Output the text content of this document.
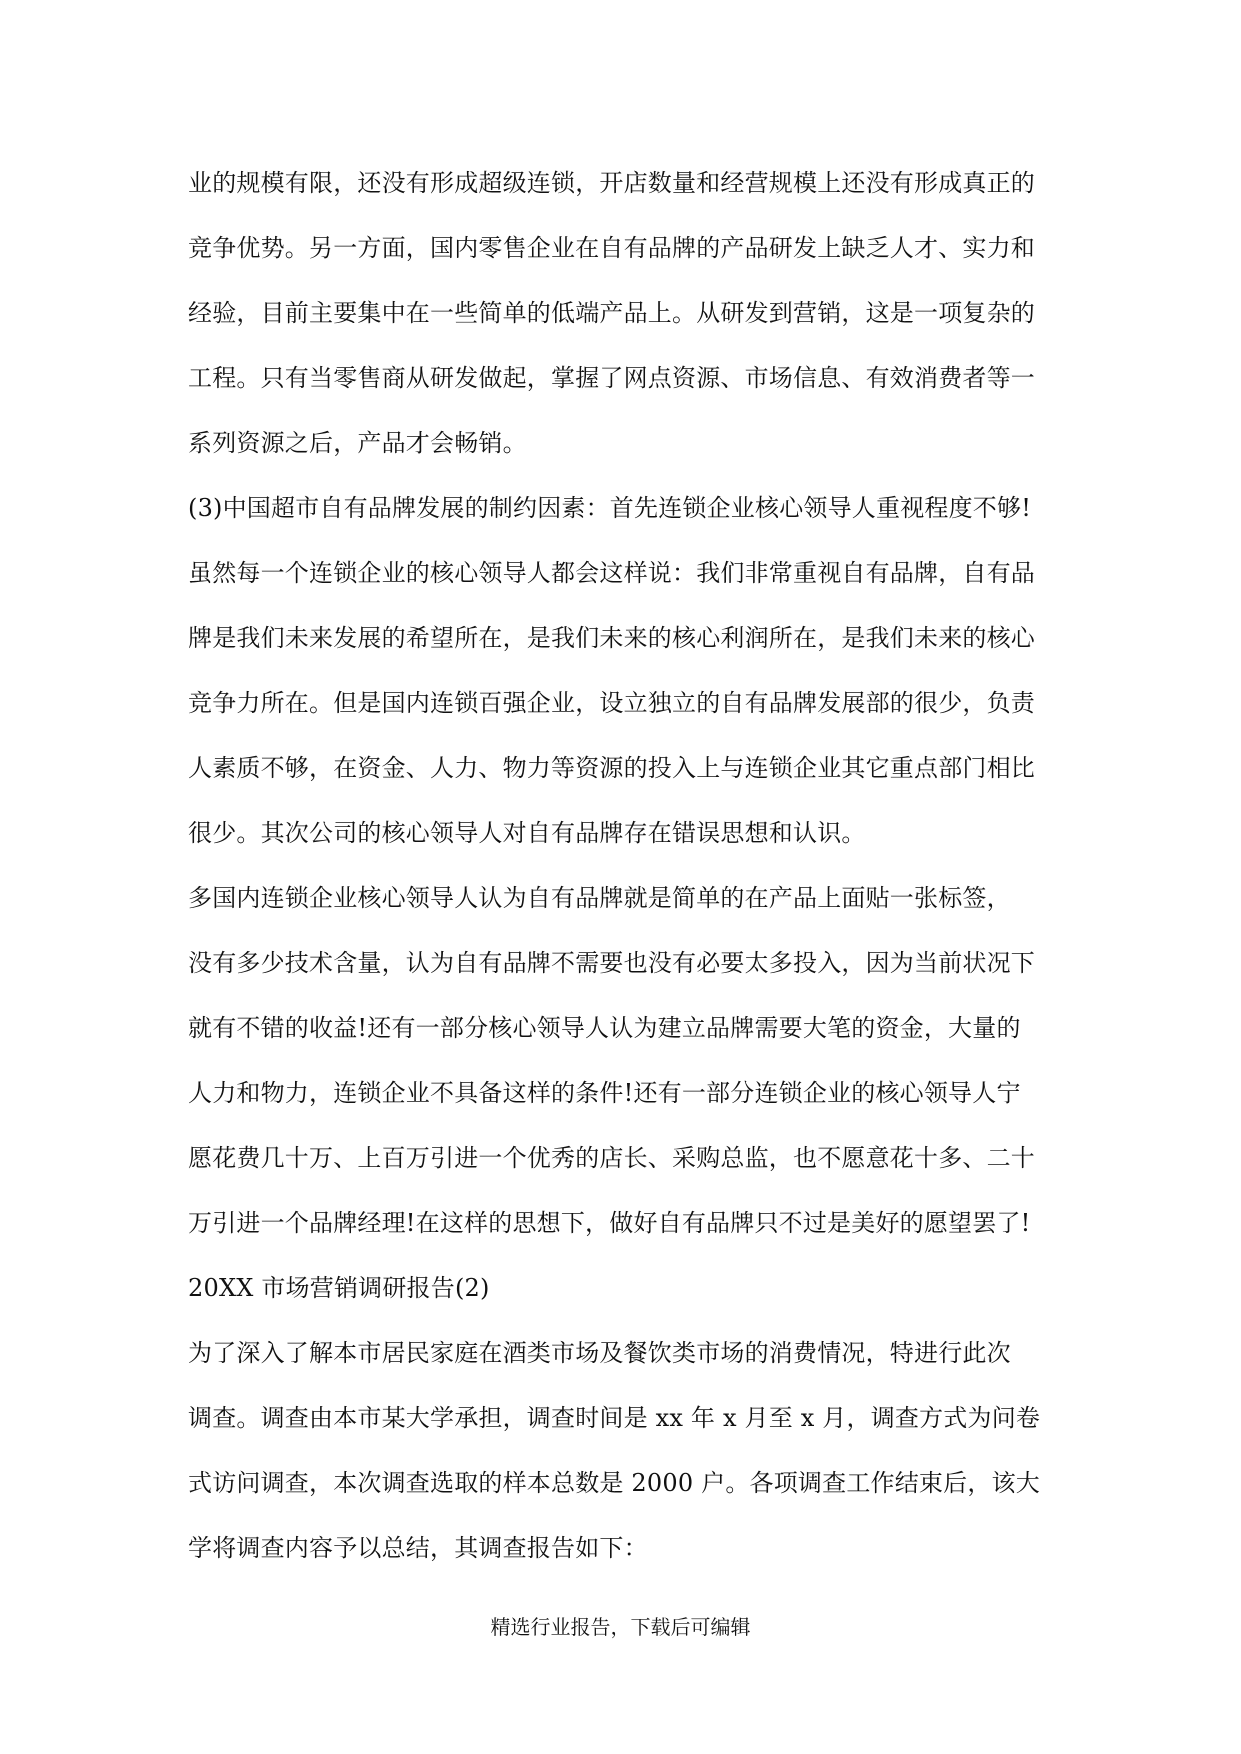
业的规模有限，还没有形成超级连锁，开店数量和经营规模上还没有形成真正的
竞争优势。另一方面，国内零售企业在自有品牌的产品研发上缺乏人才、实力和
经验，目前主要集中在一些简单的低端产品上。从研发到营销，这是一项复杂的
工程。只有当零售商从研发做起，掌握了网点资源、市场信息、有效消费者等一
系列资源之后，产品才会畅销。
(3)中国超市自有品牌发展的制约因素：首先连锁企业核心领导人重视程度不够!
虽然每一个连锁企业的核心领导人都会这样说：我们非常重视自有品牌，自有品
牌是我们未来发展的希望所在，是我们未来的核心利润所在，是我们未来的核心
竞争力所在。但是国内连锁百强企业，设立独立的自有品牌发展部的很少，负责
人素质不够，在资金、人力、物力等资源的投入上与连锁企业其它重点部门相比
很少。其次公司的核心领导人对自有品牌存在错误思想和认识。
多国内连锁企业核心领导人认为自有品牌就是简单的在产品上面贴一张标签，
没有多少技术含量，认为自有品牌不需要也没有必要太多投入，因为当前状况下
就有不错的收益!还有一部分核心领导人认为建立品牌需要大笔的资金，大量的
人力和物力，连锁企业不具备这样的条件!还有一部分连锁企业的核心领导人宁
愿花费几十万、上百万引进一个优秀的店长、采购总监，也不愿意花十多、二十
万引进一个品牌经理!在这样的思想下，做好自有品牌只不过是美好的愿望罢了!
20XX 市场营销调研报告(2)
为了深入了解本市居民家庭在酒类市场及餐饮类市场的消费情况，特进行此次
调查。调查由本市某大学承担，调查时间是 xx 年 x 月至 x 月，调查方式为问卷
式访问调查，本次调查选取的样本总数是 2000 户。各项调查工作结束后，该大
学将调查内容予以总结，其调查报告如下：
精选行业报告，下载后可编辑
